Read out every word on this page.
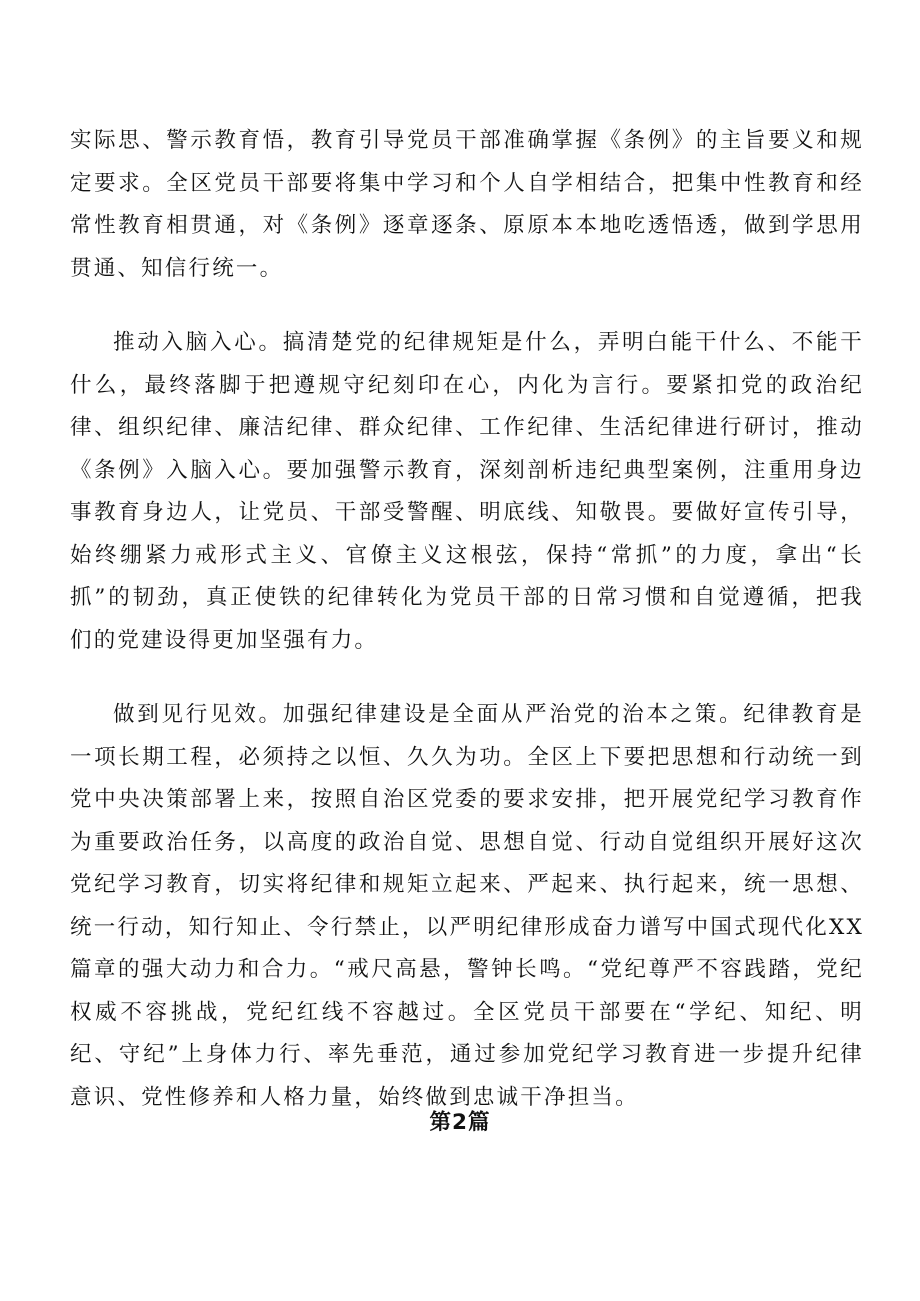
实际思、警示教育悟，教育引导党员干部准确掌握《条例》的主旨要义和规定要求。全区党员干部要将集中学习和个人自学相结合，把集中性教育和经常性教育相贯通，对《条例》逐章逐条、原原本本地吃透悟透，做到学思用贯通、知信行统一。

推动入脑入心。搞清楚党的纪律规矩是什么，弄明白能干什么、不能干什么，最终落脚于把遵规守纪刻印在心，内化为言行。要紧扣党的政治纪律、组织纪律、廉洁纪律、群众纪律、工作纪律、生活纪律进行研讨，推动《条例》入脑入心。要加强警示教育，深刻剖析违纪典型案例，注重用身边事教育身边人，让党员、干部受警醒、明底线、知敬畏。要做好宣传引导，始终绷紧力戒形式主义、官僚主义这根弦，保持“常抓”的力度，拿出“长抓”的韧劲，真正使铁的纪律转化为党员干部的日常习惯和自觉遵循，把我们的党建设得更加坚强有力。

做到见行见效。加强纪律建设是全面从严治党的治本之策。纪律教育是一项长期工程，必须持之以恒、久久为功。全区上下要把思想和行动统一到党中央决策部署上来，按照自治区党委的要求安排，把开展党纪学习教育作为重要政治任务，以高度的政治自觉、思想自觉、行动自觉组织开展好这次党纪学习教育，切实将纪律和规矩立起来、严起来、执行起来，统一思想、统一行动，知行知止、令行禁止，以严明纪律形成奋力谱写中国式现代化XX篇章的强大动力和合力。“戒尺高悬，警钟长鸣。“党纪尊严不容践踏，党纪权威不容挑战，党纪红线不容越过。全区党员干部要在“学纪、知纪、明纪、守纪”上身体力行、率先垂范，通过参加党纪学习教育进一步提升纪律意识、党性修养和人格力量，始终做到忠诚干净担当。

第2篇
